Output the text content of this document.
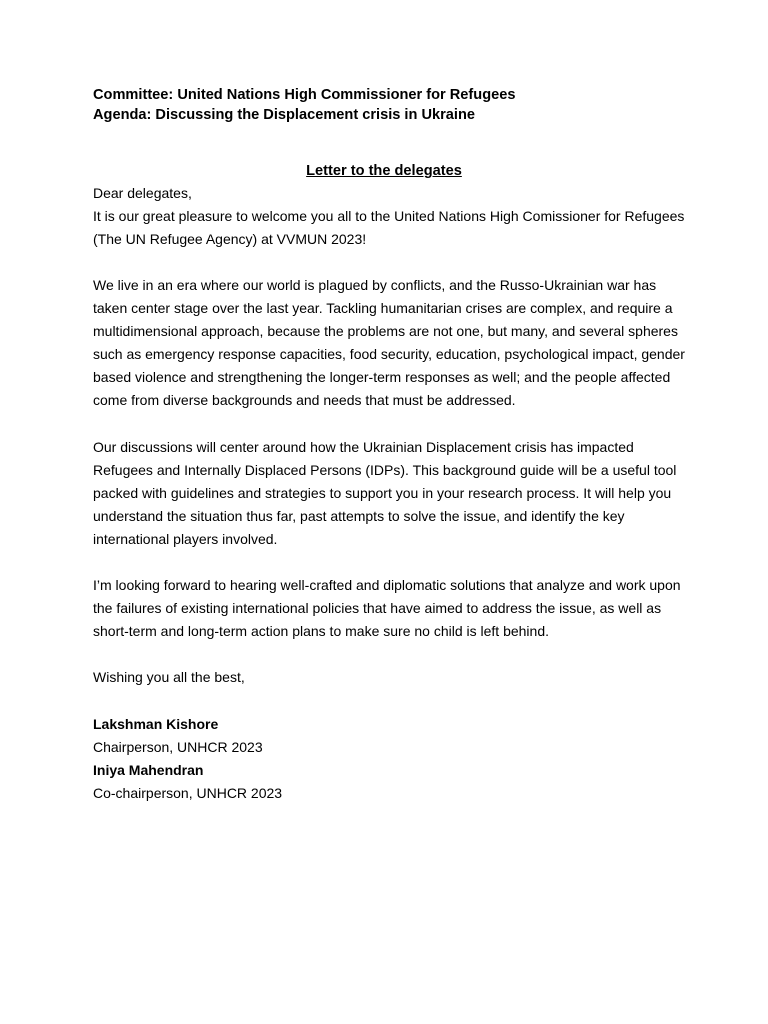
Committee: United Nations High Commissioner for Refugees

Agenda: Discussing the Displacement crisis in Ukraine

Letter to the delegates

Dear delegates,

It is our great pleasure to welcome you all to the United Nations High Comissioner for Refugees (The UN Refugee Agency) at VVMUN 2023!

We live in an era where our world is plagued by conflicts, and the Russo-Ukrainian war has taken center stage over the last year. Tackling humanitarian crises are complex, and require a multidimensional approach, because the problems are not one, but many, and several spheres such as emergency response capacities, food security, education, psychological impact, gender based violence and strengthening the longer-term responses as well; and the people affected come from diverse backgrounds and needs that must be addressed.

Our discussions will center around how the Ukrainian Displacement crisis has impacted Refugees and Internally Displaced Persons (IDPs). This background guide will be a useful tool packed with guidelines and strategies to support you in your research process. It will help you understand the situation thus far, past attempts to solve the issue, and identify the key international players involved.

I’m looking forward to hearing well-crafted and diplomatic solutions that analyze and work upon the failures of existing international policies that have aimed to address the issue, as well as short-term and long-term action plans to make sure no child is left behind.

Wishing you all the best,

Lakshman Kishore
Chairperson, UNHCR 2023
Iniya Mahendran
Co-chairperson, UNHCR 2023
